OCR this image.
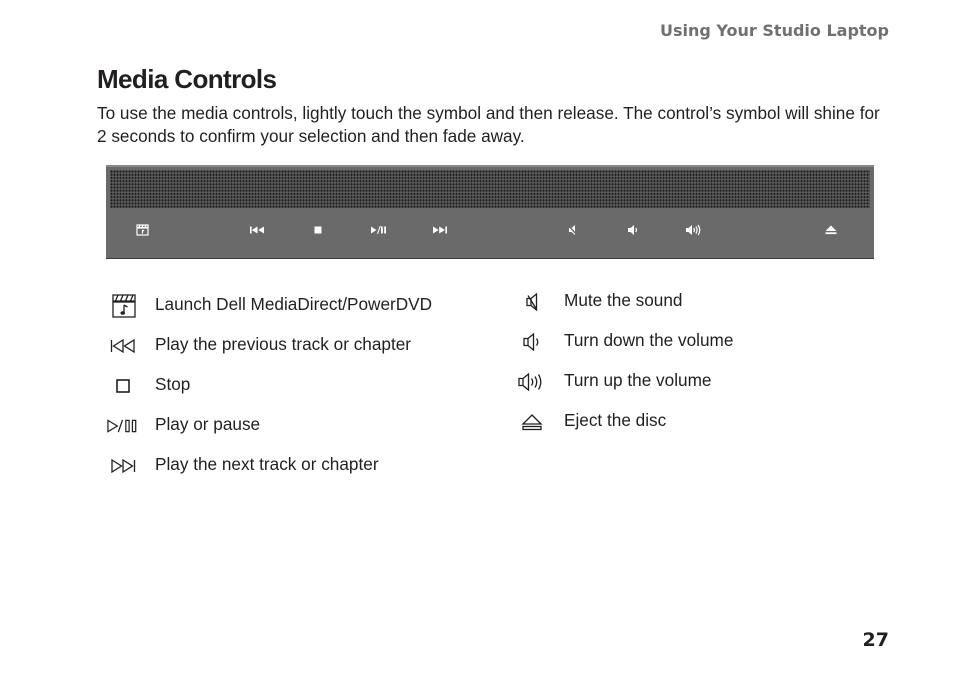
Using Your Studio Laptop
Media Controls

To use the media controls, lightly touch the symbol and then release. The control’s symbol will shine for 2 seconds to confirm your selection and then fade away.

Launch Dell MediaDirect/PowerDVD
Play the previous track or chapter
Stop
Play or pause
Play the next track or chapter
Mute the sound
Turn down the volume
Turn up the volume
Eject the disc
27
